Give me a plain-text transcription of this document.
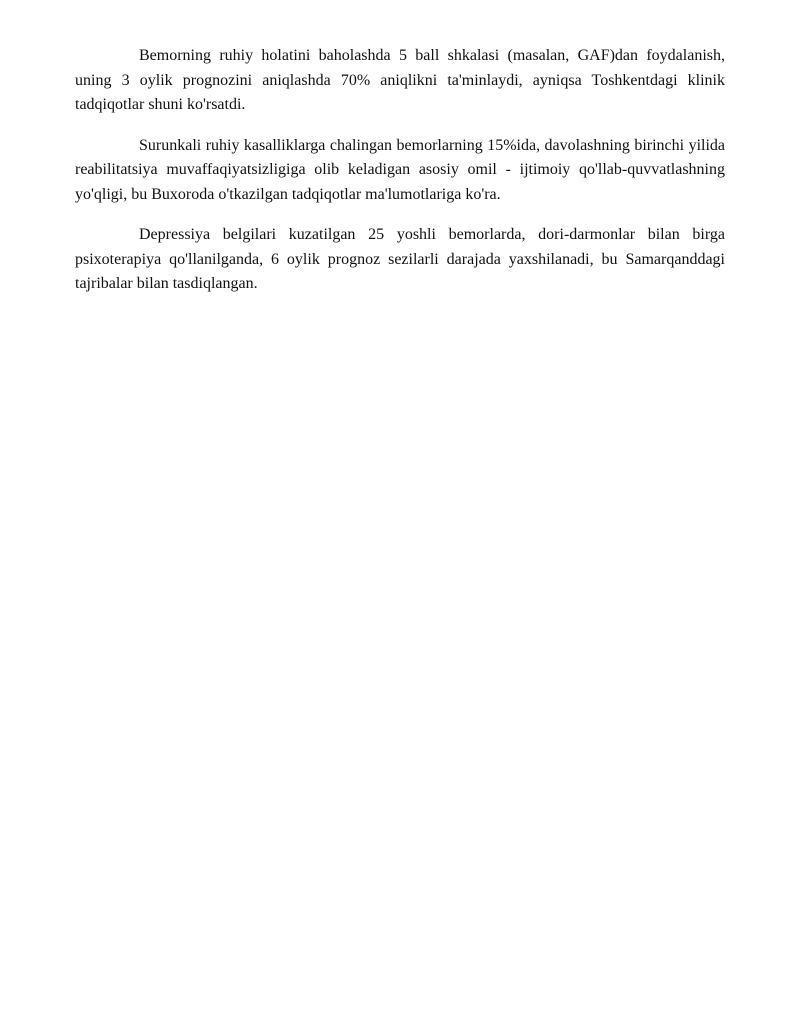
Bemorning ruhiy holatini baholashda 5 ball shkalasi (masalan, GAF)dan foydalanish, uning 3 oylik prognozini aniqlashda 70% aniqlikni ta'minlaydi, ayniqsa Toshkentdagi klinik tadqiqotlar shuni ko'rsatdi.

Surunkali ruhiy kasalliklarga chalingan bemorlarning 15%ida, davolashning birinchi yilida reabilitatsiya muvaffaqiyatsizligiga olib keladigan asosiy omil - ijtimoiy qo'llab-quvvatlashning yo'qligi, bu Buxoroda o'tkazilgan tadqiqotlar ma'lumotlariga ko'ra.

Depressiya belgilari kuzatilgan 25 yoshli bemorlarda, dori-darmonlar bilan birga psixoterapiya qo'llanilganda, 6 oylik prognoz sezilarli darajada yaxshilanadi, bu Samarqanddagi tajribalar bilan tasdiqlangan.
